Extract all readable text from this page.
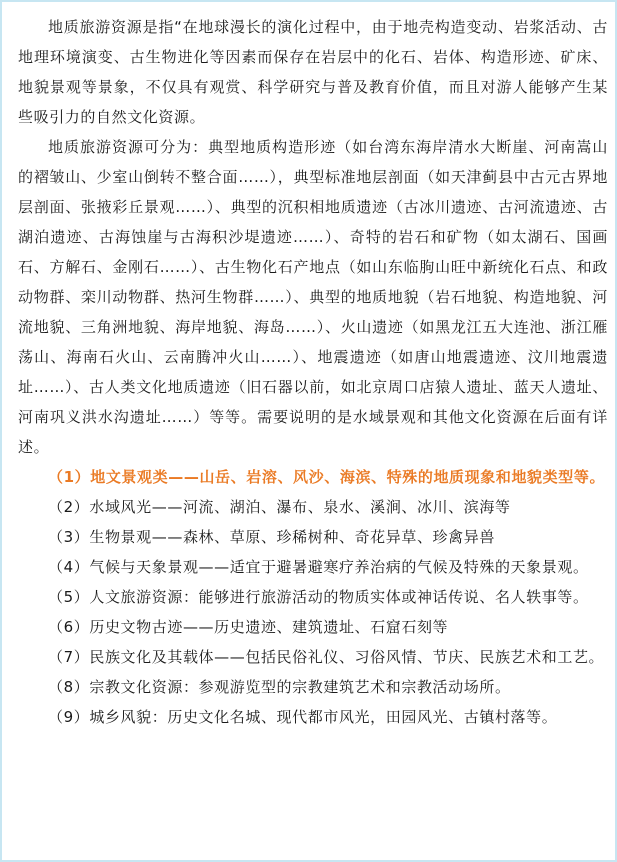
地质旅游资源是指“在地球漫长的演化过程中，由于地壳构造变动、岩浆活动、古地理环境演变、古生物进化等因素而保存在岩层中的化石、岩体、构造形迹、矿床、地貌景观等景象，不仅具有观赏、科学研究与普及教育价值，而且对游人能够产生某些吸引力的自然文化资源。

地质旅游资源可分为：典型地质构造形迹（如台湾东海岸清水大断崖、河南嵩山的褶皱山、少室山倒转不整合面……），典型标准地层剖面（如天津蓟县中古元古界地层剖面、张掖彩丘景观……）、典型的沉积相地质遗迹（古冰川遗迹、古河流遗迹、古湖泊遗迹、古海蚀崖与古海积沙堤遗迹……）、奇特的岩石和矿物（如太湖石、国画石、方解石、金刚石……）、古生物化石产地点（如山东临朐山旺中新统化石点、和政动物群、栾川动物群、热河生物群……）、典型的地质地貌（岩石地貌、构造地貌、河流地貌、三角洲地貌、海岸地貌、海岛……）、火山遗迹（如黑龙江五大连池、浙江雁荡山、海南石火山、云南腾冲火山……）、地震遗迹（如唐山地震遗迹、汶川地震遗址……）、古人类文化地质遗迹（旧石器以前，如北京周口店猿人遗址、蓝天人遗址、河南巩义洪水沟遗址……）等等。需要说明的是水域景观和其他文化资源在后面有详述。

（1）地文景观类——山岳、岩溶、风沙、海滨、特殊的地质现象和地貌类型等。

（2）水域风光——河流、湖泊、瀑布、泉水、溪涧、冰川、滨海等

（3）生物景观——森林、草原、珍稀树种、奇花异草、珍禽异兽

（4）气候与天象景观——适宜于避暑避寒疗养治病的气候及特殊的天象景观。

（5）人文旅游资源：能够进行旅游活动的物质实体或神话传说、名人轶事等。

（6）历史文物古迹——历史遗迹、建筑遗址、石窟石刻等

（7）民族文化及其载体——包括民俗礼仪、习俗风情、节庆、民族艺术和工艺。

（8）宗教文化资源：参观游览型的宗教建筑艺术和宗教活动场所。

（9）城乡风貌：历史文化名城、现代都市风光，田园风光、古镇村落等。
